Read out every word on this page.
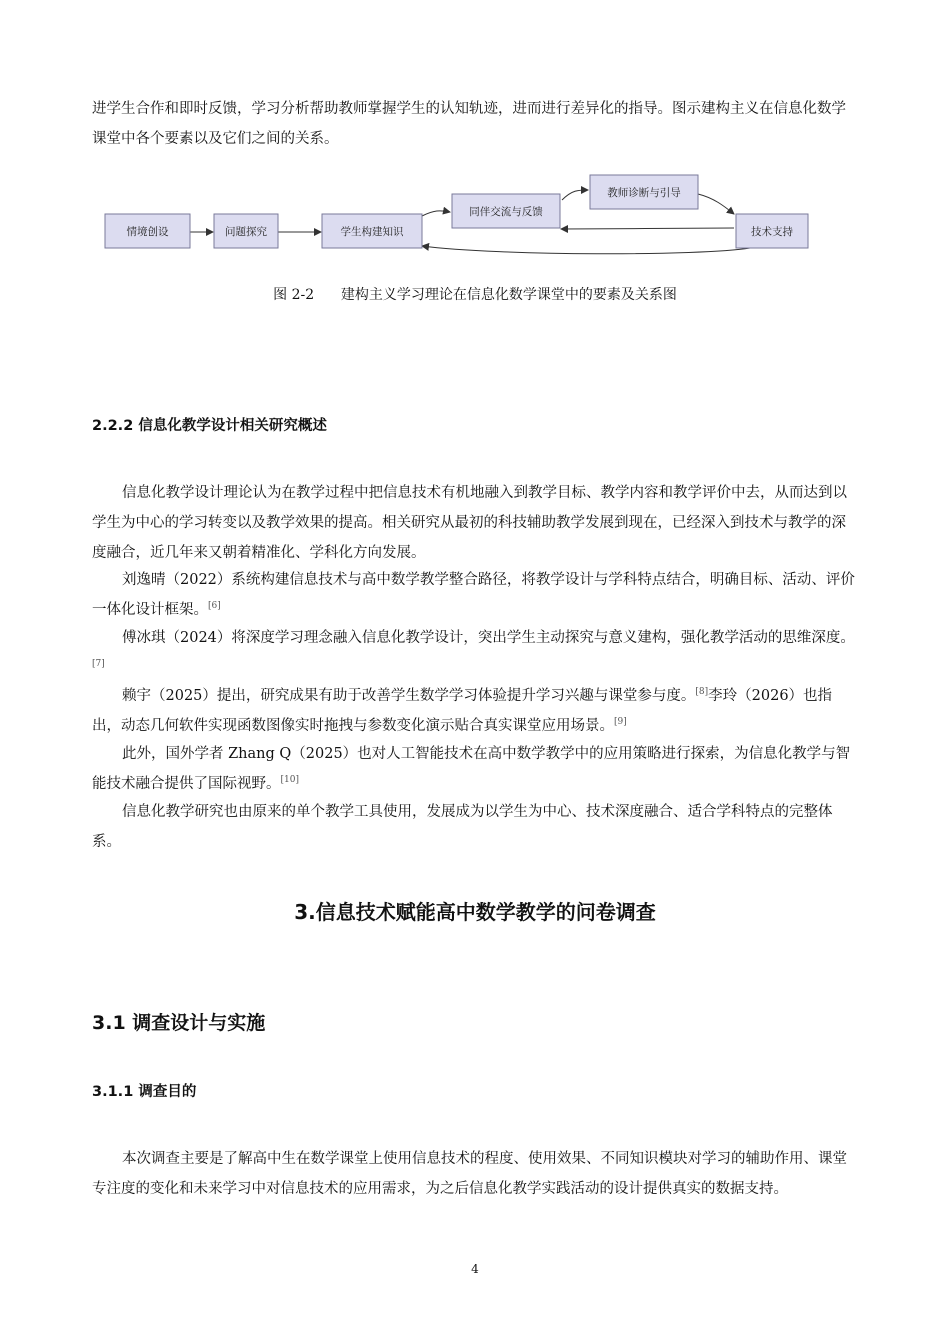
进学生合作和即时反馈，学习分析帮助教师掌握学生的认知轨迹，进而进行差异化的指导。图示建构主义在信息化数学课堂中各个要素以及它们之间的关系。

情境创设	问题探究	学生构建知识
同伴交流与反馈
教师诊断与引导
技术支持
图 2-2      建构主义学习理论在信息化数学课堂中的要素及关系图
2.2.2 信息化教学设计相关研究概述

信息化教学设计理论认为在教学过程中把信息技术有机地融入到教学目标、教学内容和教学评价中去，从而达到以学生为中心的学习转变以及教学效果的提高。相关研究从最初的科技辅助教学发展到现在，已经深入到技术与教学的深度融合，近几年来又朝着精准化、学科化方向发展。

刘逸晴（2022）系统构建信息技术与高中数学教学整合路径，将教学设计与学科特点结合，明确目标、活动、评价一体化设计框架。[6]

傅冰琪（2024）将深度学习理念融入信息化教学设计，突出学生主动探究与意义建构，强化教学活动的思维深度。[7]

赖宇（2025）提出，研究成果有助于改善学生数学学习体验提升学习兴趣与课堂参与度。[8]李玲（2026）也指出，动态几何软件实现函数图像实时拖拽与参数变化演示贴合真实课堂应用场景。[9]

此外，国外学者 Zhang Q（2025）也对人工智能技术在高中数学教学中的应用策略进行探索，为信息化教学与智能技术融合提供了国际视野。[10]

信息化教学研究也由原来的单个教学工具使用，发展成为以学生为中心、技术深度融合、适合学科特点的完整体系。

3.信息技术赋能高中数学教学的问卷调查
3.1 调查设计与实施
3.1.1 调查目的

本次调查主要是了解高中生在数学课堂上使用信息技术的程度、使用效果、不同知识模块对学习的辅助作用、课堂专注度的变化和未来学习中对信息技术的应用需求，为之后信息化教学实践活动的设计提供真实的数据支持。

4
